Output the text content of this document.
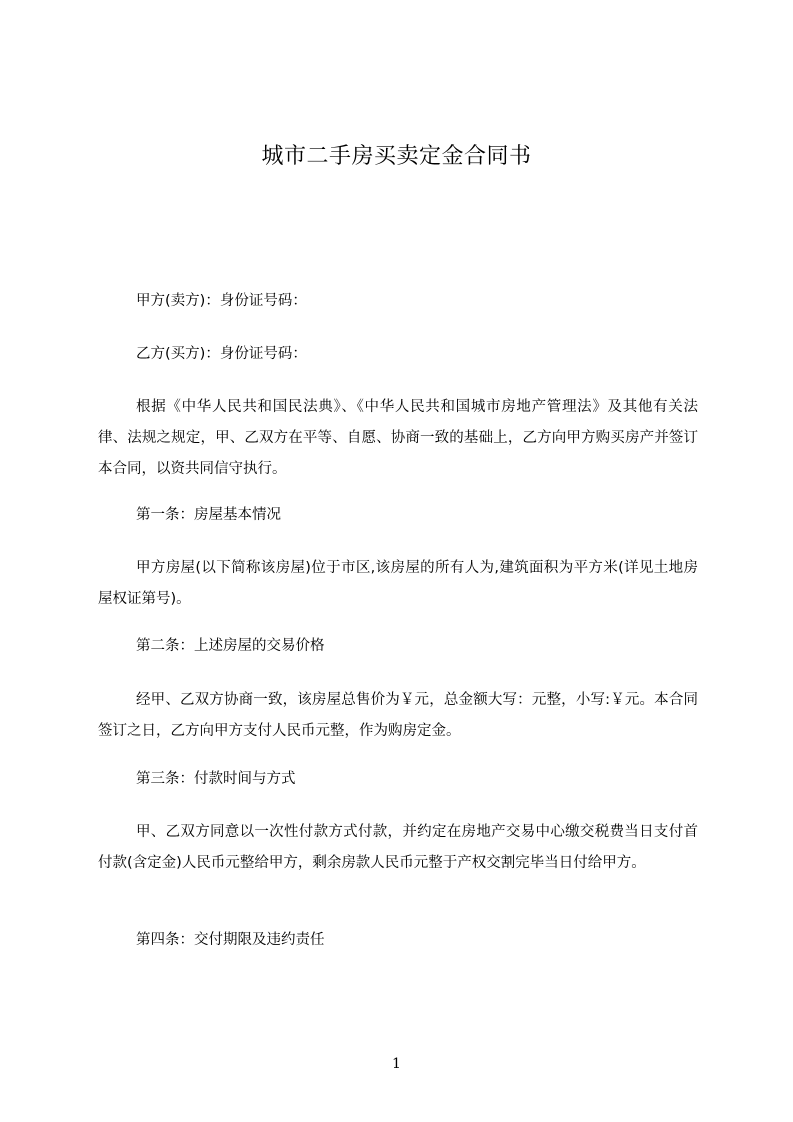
城市二手房买卖定金合同书

甲方(卖方)：身份证号码：

乙方(买方)：身份证号码：

根据《中华人民共和国民法典》、《中华人民共和国城市房地产管理法》及其他有关法律、法规之规定，甲、乙双方在平等、自愿、协商一致的基础上，乙方向甲方购买房产并签订本合同，以资共同信守执行。

第一条：房屋基本情况

甲方房屋(以下简称该房屋)位于市区,该房屋的所有人为,建筑面积为平方米(详见土地房屋权证第号)。

第二条：上述房屋的交易价格

经甲、乙双方协商一致，该房屋总售价为￥元，总金额大写：元整，小写:￥元。本合同签订之日，乙方向甲方支付人民币元整，作为购房定金。

第三条：付款时间与方式

甲、乙双方同意以一次性付款方式付款，并约定在房地产交易中心缴交税费当日支付首付款(含定金)人民币元整给甲方，剩余房款人民币元整于产权交割完毕当日付给甲方。

第四条：交付期限及违约责任

1
